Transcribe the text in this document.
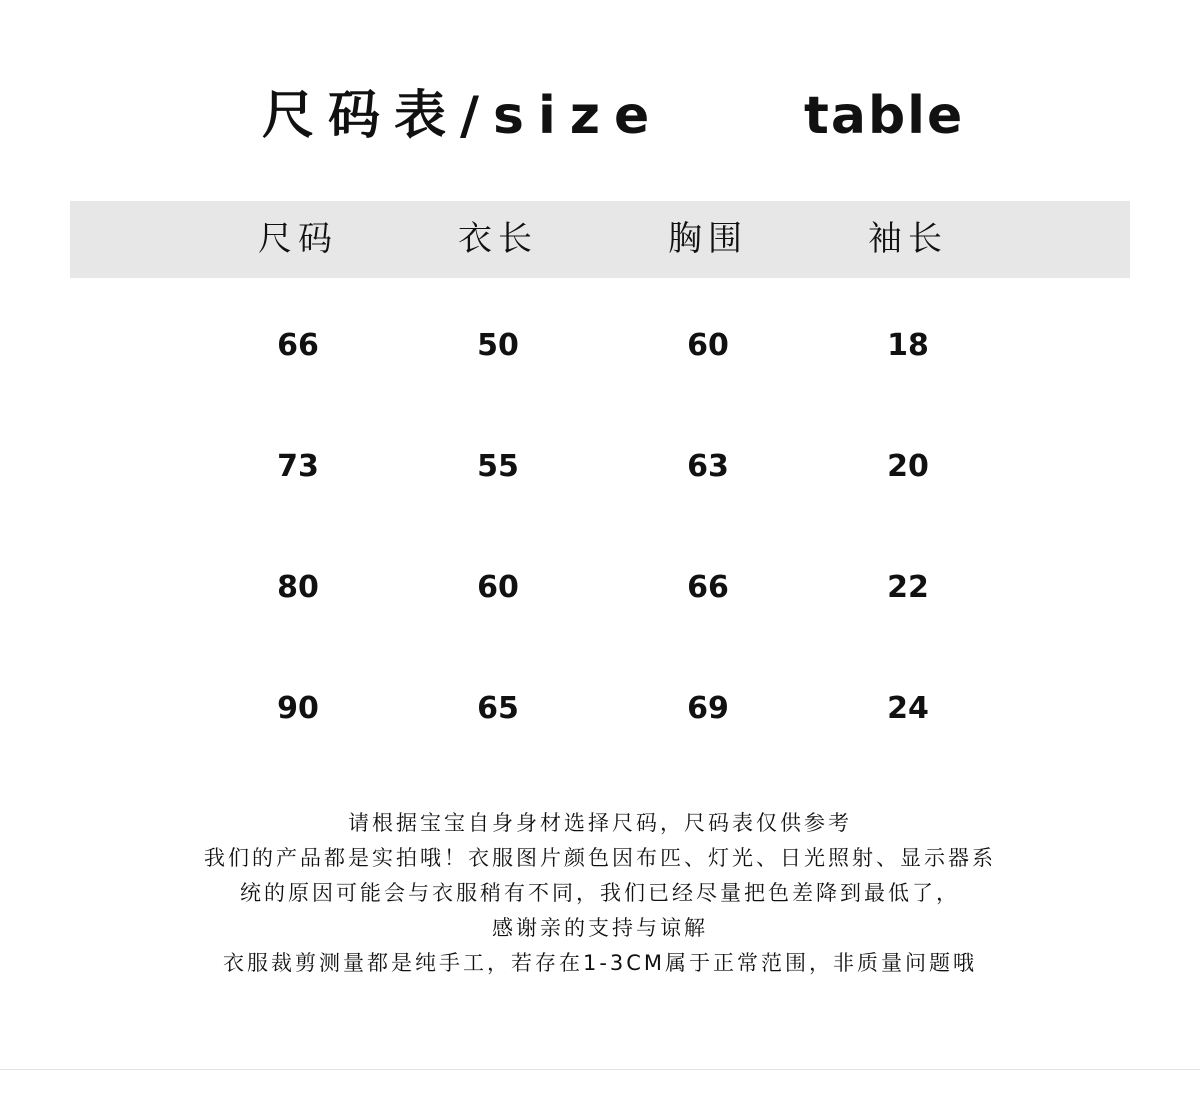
尺码表/size	table
尺码	衣长	胸围	袖长
66	50	60	18
73	55	63	20
80	60	66	22
90	65	69	24
请根据宝宝自身身材选择尺码，尺码表仅供参考
我们的产品都是实拍哦！衣服图片颜色因布匹、灯光、日光照射、显示器系
统的原因可能会与衣服稍有不同，我们已经尽量把色差降到最低了，
感谢亲的支持与谅解
衣服裁剪测量都是纯手工，若存在1-3CM属于正常范围，非质量问题哦
